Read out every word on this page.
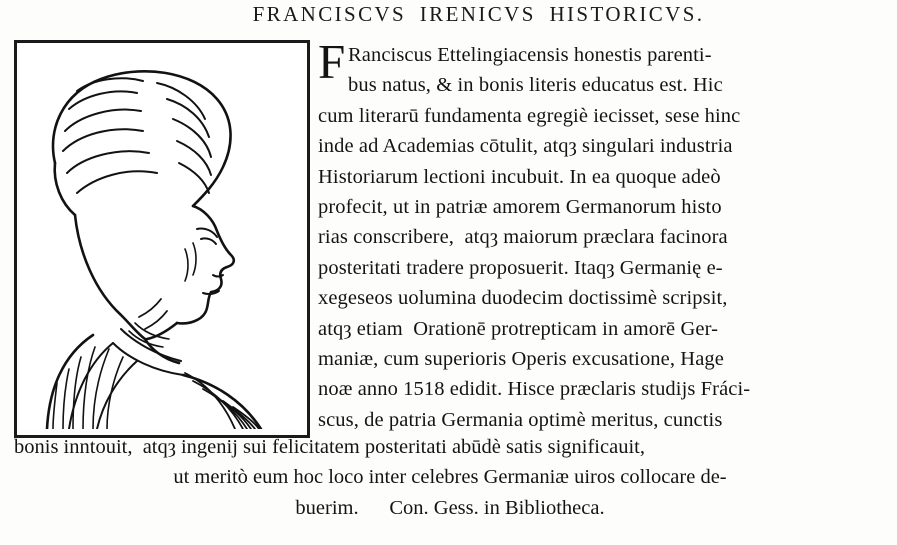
FRANCISCVS IRENICVS HISTORICVS.
F Ranciscus Ettelingiacensis honestis parenti-
bus natus, & in bonis literis educatus est. Hic
cum literarū fundamenta egregiè iecisset, sese hinc
inde ad Academias cōtulit, atqȝ singulari industria
Historiarum lectioni incubuit. In ea quoque adeò
profecit, ut in patriæ amorem Germanorum histo
rias conscribere,  atqȝ maiorum præclara facinora
posteritati tradere proposuerit. Itaqȝ Germanię e-
xegeseos uolumina duodecim doctissimè scripsit,
atqȝ etiam  Orationē protrepticam in amorē Ger-
maniæ, cum superioris Operis excusatione, Hage
noæ anno 1518 edidit. Hisce præclaris studijs Fráci-
scus, de patria Germania optimè meritus, cunctis
bonis inntouit,  atqȝ ingenij sui felicitatem posteritati abūdè satis significauit,
ut meritò eum hoc loco inter celebres Germaniæ uiros collocare de-
buerim.      Con. Gess. in Bibliotheca.
